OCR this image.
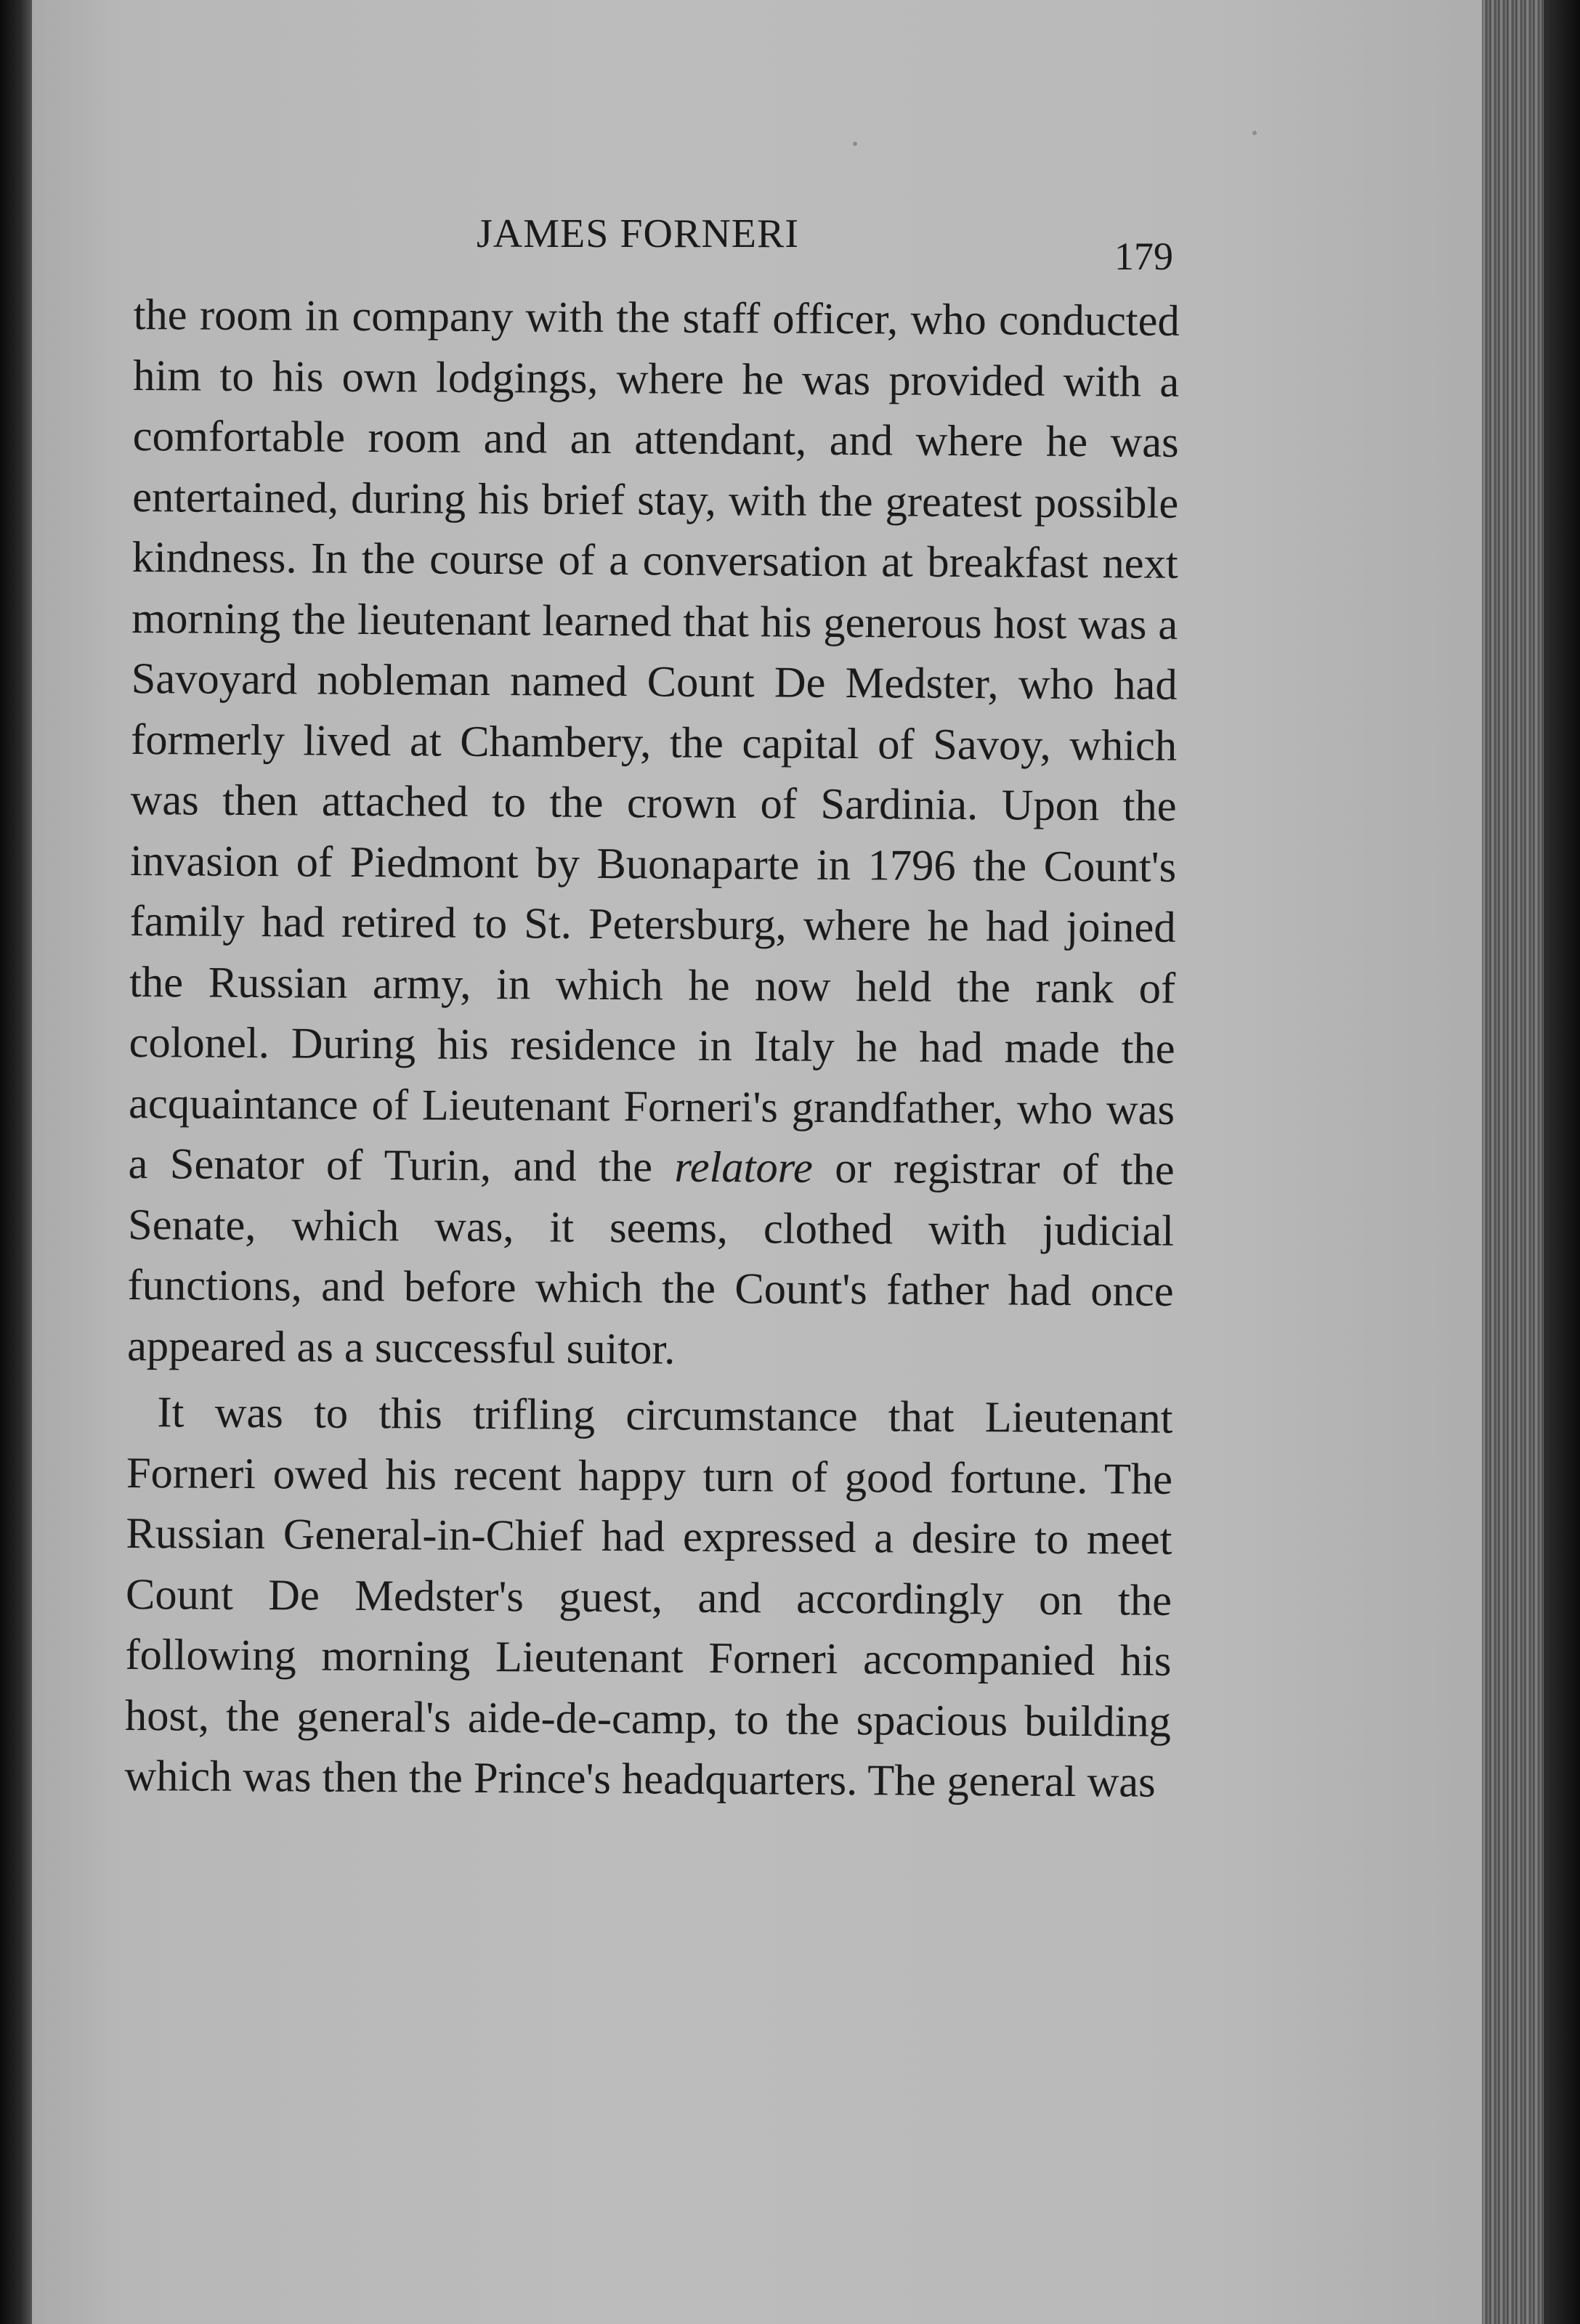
JAMES FORNERI	179

the room in company with the staff officer, who conducted him to his own lodgings, where he was provided with a comfortable room and an attendant, and where he was entertained, during his brief stay, with the greatest possible kindness. In the course of a conversation at breakfast next morning the lieutenant learned that his generous host was a Savoyard nobleman named Count De Medster, who had formerly lived at Chambery, the capital of Savoy, which was then attached to the crown of Sardinia. Upon the invasion of Piedmont by Buonaparte in 1796 the Count's family had retired to St. Petersburg, where he had joined the Russian army, in which he now held the rank of colonel. During his residence in Italy he had made the acquaintance of Lieutenant Forneri's grandfather, who was a Senator of Turin, and the relatore or registrar of the Senate, which was, it seems, clothed with judicial functions, and before which the Count's father had once appeared as a successful suitor.

It was to this trifling circumstance that Lieutenant Forneri owed his recent happy turn of good fortune. The Russian General-in-Chief had expressed a desire to meet Count De Medster's guest, and accordingly on the following morning Lieutenant Forneri accompanied his host, the general's aide-de-camp, to the spacious building which was then the Prince's headquarters. The general was
